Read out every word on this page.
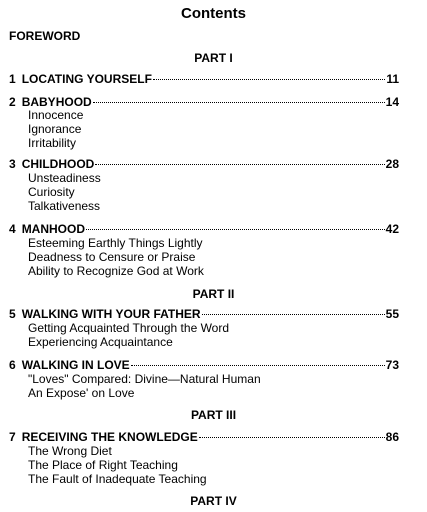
Contents
FOREWORD
PART I
1 LOCATING YOURSELF	11
2 BABYHOOD	14
Innocence
Ignorance
Irritability
3 CHILDHOOD	28
Unsteadiness
Curiosity
Talkativeness
4 MANHOOD	42
Esteeming Earthly Things Lightly
Deadness to Censure or Praise
Ability to Recognize God at Work
PART II
5 WALKING WITH YOUR FATHER	55
Getting Acquainted Through the Word
Experiencing Acquaintance
6 WALKING IN LOVE	73
"Loves" Compared: Divine—Natural Human
An Expose' on Love
PART III
7 RECEIVING THE KNOWLEDGE	86
The Wrong Diet
The Place of Right Teaching
The Fault of Inadequate Teaching
PART IV
